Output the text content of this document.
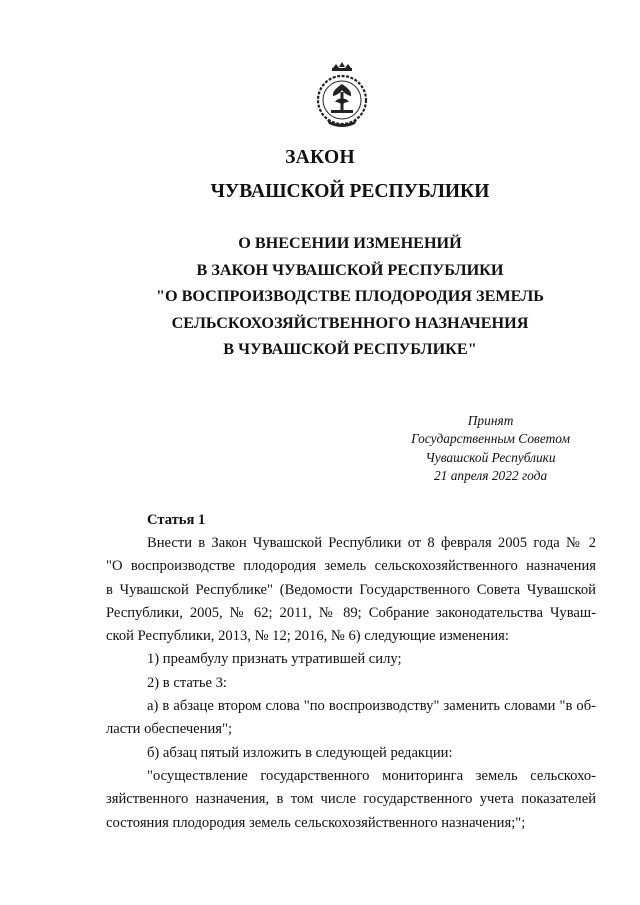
ЗАКОН
ЧУВАШСКОЙ РЕСПУБЛИКИ
О ВНЕСЕНИИ ИЗМЕНЕНИЙ
В ЗАКОН ЧУВАШСКОЙ РЕСПУБЛИКИ
"О ВОСПРОИЗВОДСТВЕ ПЛОДОРОДИЯ ЗЕМЕЛЬ
СЕЛЬСКОХОЗЯЙСТВЕННОГО НАЗНАЧЕНИЯ
В ЧУВАШСКОЙ РЕСПУБЛИКЕ"
Принят
Государственным Советом
Чувашской Республики
21 апреля 2022 года
Статья 1
Внести в Закон Чувашской Республики от 8 февраля 2005 года № 2
"О воспроизводстве плодородия земель сельскохозяйственного назначения
в Чувашской Республике" (Ведомости Государственного Совета Чувашской
Республики, 2005, № 62; 2011, № 89; Собрание законодательства Чуваш-
ской Республики, 2013, № 12; 2016, № 6) следующие изменения:
1) преамбулу признать утратившей силу;
2) в статье 3:
а) в абзаце втором слова "по воспроизводству" заменить словами "в об-
ласти обеспечения";
б) абзац пятый изложить в следующей редакции:
"осуществление государственного мониторинга земель сельскохо-
зяйственного назначения, в том числе государственного учета показателей
состояния плодородия земель сельскохозяйственного назначения;";
